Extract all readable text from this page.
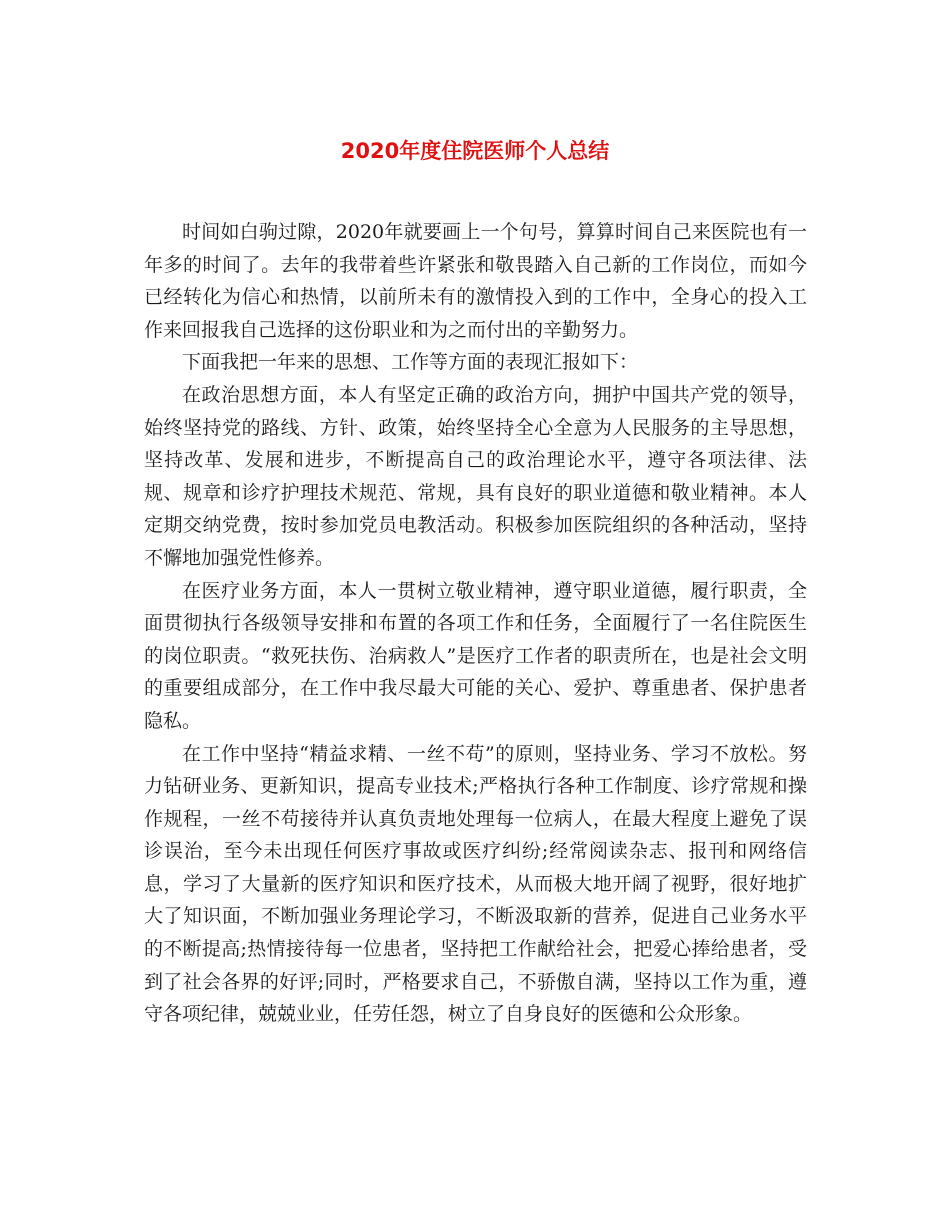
2020年度住院医师个人总结

时间如白驹过隙，2020年就要画上一个句号，算算时间自己来医院也有一年多的时间了。去年的我带着些许紧张和敬畏踏入自己新的工作岗位，而如今已经转化为信心和热情，以前所未有的激情投入到的工作中，全身心的投入工作来回报我自己选择的这份职业和为之而付出的辛勤努力。

下面我把一年来的思想、工作等方面的表现汇报如下：

在政治思想方面，本人有坚定正确的政治方向，拥护中国共产党的领导，始终坚持党的路线、方针、政策，始终坚持全心全意为人民服务的主导思想，坚持改革、发展和进步，不断提高自己的政治理论水平，遵守各项法律、法规、规章和诊疗护理技术规范、常规，具有良好的职业道德和敬业精神。本人定期交纳党费，按时参加党员电教活动。积极参加医院组织的各种活动，坚持不懈地加强党性修养。

在医疗业务方面，本人一贯树立敬业精神，遵守职业道德，履行职责，全面贯彻执行各级领导安排和布置的各项工作和任务，全面履行了一名住院医生的岗位职责。“救死扶伤、治病救人”是医疗工作者的职责所在，也是社会文明的重要组成部分，在工作中我尽最大可能的关心、爱护、尊重患者、保护患者隐私。

在工作中坚持“精益求精、一丝不苟”的原则，坚持业务、学习不放松。努力钻研业务、更新知识，提高专业技术;严格执行各种工作制度、诊疗常规和操作规程，一丝不苟接待并认真负责地处理每一位病人，在最大程度上避免了误诊误治，至今未出现任何医疗事故或医疗纠纷;经常阅读杂志、报刊和网络信息，学习了大量新的医疗知识和医疗技术，从而极大地开阔了视野，很好地扩大了知识面，不断加强业务理论学习，不断汲取新的营养，促进自己业务水平的不断提高;热情接待每一位患者，坚持把工作献给社会，把爱心捧给患者，受到了社会各界的好评;同时，严格要求自己，不骄傲自满，坚持以工作为重，遵守各项纪律，兢兢业业，任劳任怨，树立了自身良好的医德和公众形象。
